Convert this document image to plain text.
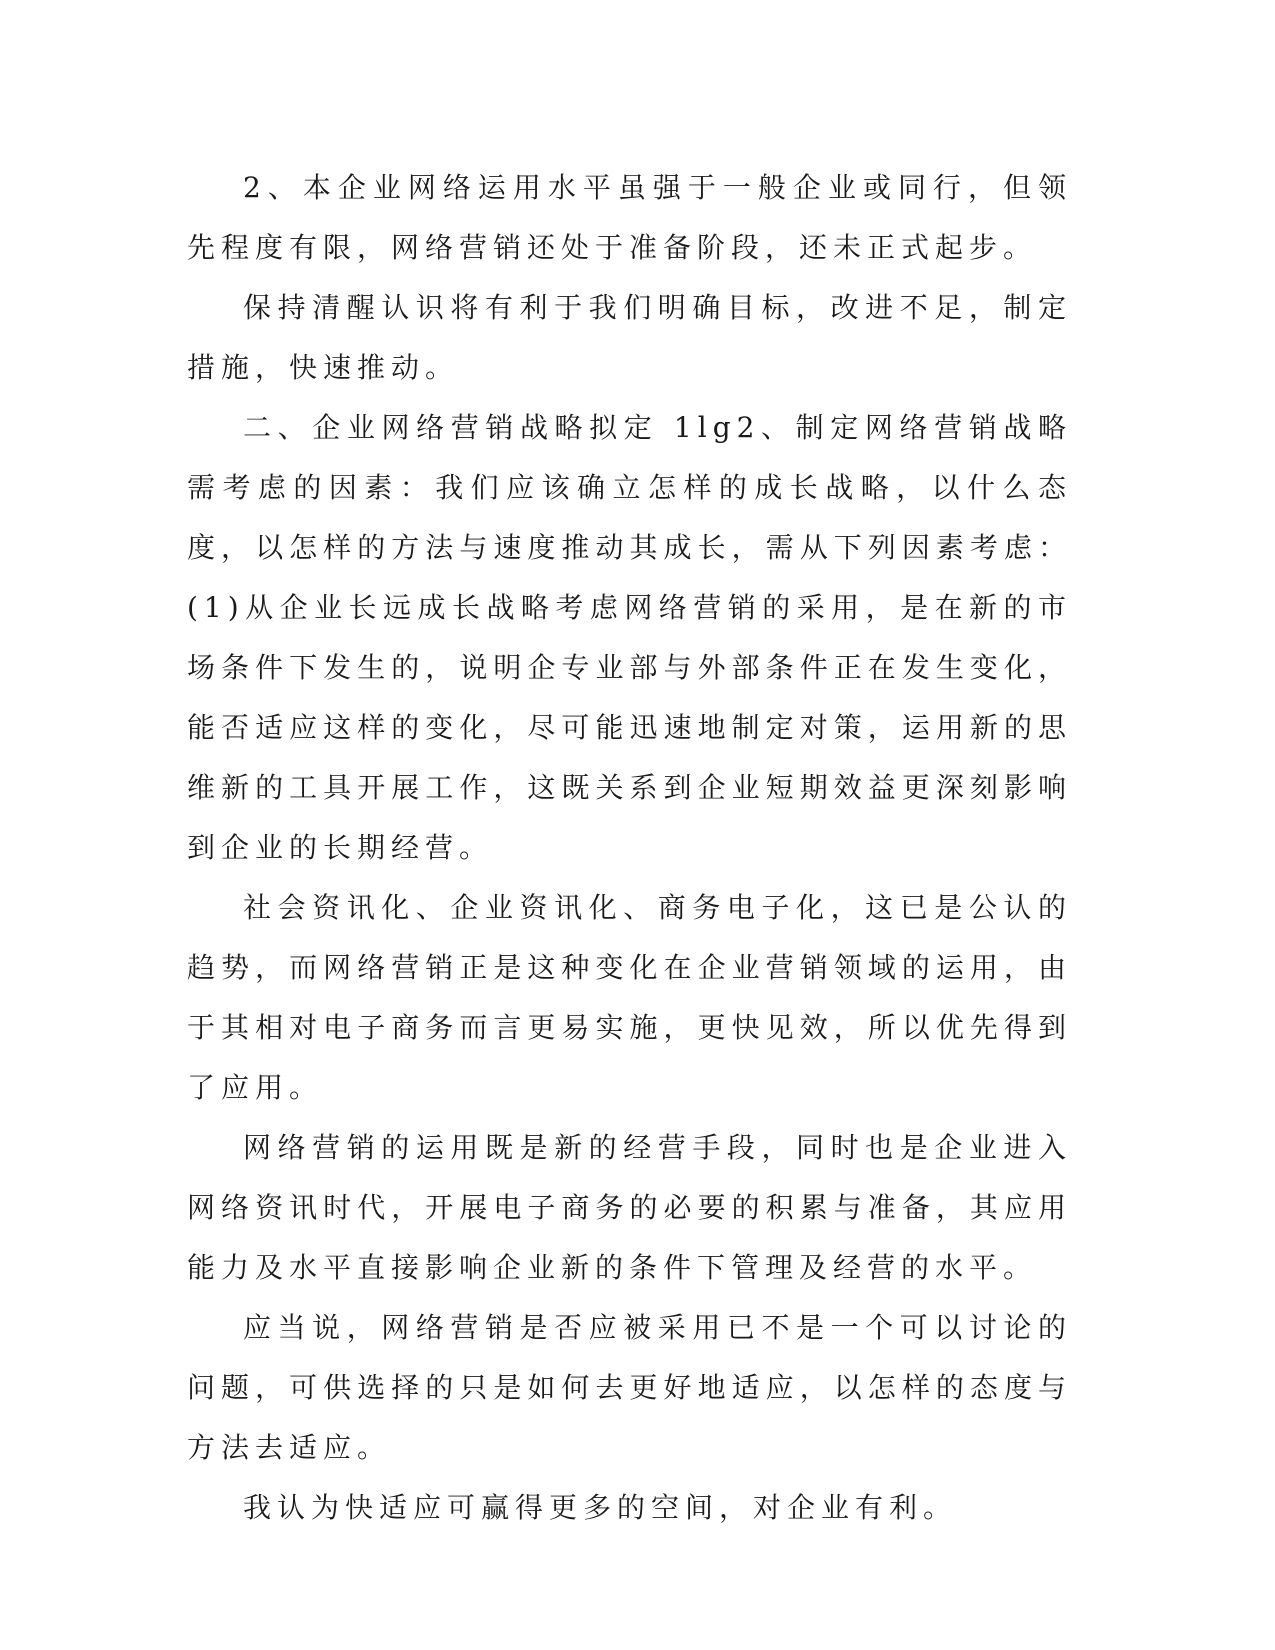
2、本企业网络运用水平虽强于一般企业或同行，但领先程度有限，网络营销还处于准备阶段，还未正式起步。

保持清醒认识将有利于我们明确目标，改进不足，制定措施，快速推动。

二、企业网络营销战略拟定 1lg2、制定网络营销战略需考虑的因素：我们应该确立怎样的成长战略，以什么态度，以怎样的方法与速度推动其成长，需从下列因素考虑：(1)从企业长远成长战略考虑网络营销的采用，是在新的市场条件下发生的，说明企专业部与外部条件正在发生变化，能否适应这样的变化，尽可能迅速地制定对策，运用新的思维新的工具开展工作，这既关系到企业短期效益更深刻影响到企业的长期经营。

社会资讯化、企业资讯化、商务电子化，这已是公认的趋势，而网络营销正是这种变化在企业营销领域的运用，由于其相对电子商务而言更易实施，更快见效，所以优先得到了应用。

网络营销的运用既是新的经营手段，同时也是企业进入网络资讯时代，开展电子商务的必要的积累与准备，其应用能力及水平直接影响企业新的条件下管理及经营的水平。

应当说，网络营销是否应被采用已不是一个可以讨论的问题，可供选择的只是如何去更好地适应，以怎样的态度与方法去适应。

我认为快适应可赢得更多的空间，对企业有利。
